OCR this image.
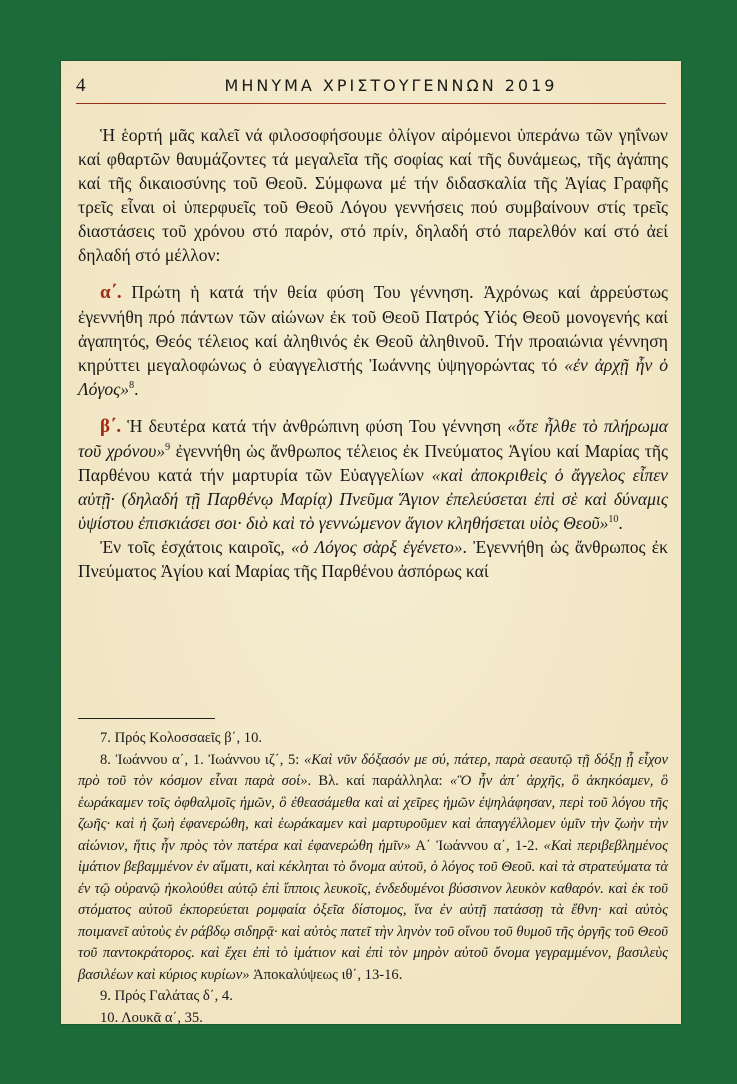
4	ΜΗΝΥΜΑ ΧΡΙΣΤΟΥΓΕΝΝΩΝ 2019

Ἡ ἑορτή μᾶς καλεῖ νά φιλοσοφήσουμε ὀλίγον αἰρόμενοι ὑπεράνω τῶν γηΐνων καί φθαρτῶν θαυμάζοντες τά μεγαλεῖα τῆς σοφίας καί τῆς δυνάμεως, τῆς ἀγάπης καί τῆς δικαιοσύνης τοῦ Θεοῦ. Σύμφωνα μέ τήν διδασκαλία τῆς Ἁγίας Γραφῆς τρεῖς εἶναι οἱ ὑπερφυεῖς τοῦ Θεοῦ Λόγου γεννήσεις πού συμβαίνουν στίς τρεῖς διαστάσεις τοῦ χρόνου στό παρόν, στό πρίν, δηλαδή στό παρελθόν καί στό ἀεί δηλαδή στό μέλλον:

α΄. Πρώτη ἡ κατά τήν θεία φύση Του γέννηση. Ἀχρόνως καί ἀρρεύστως ἐγεννήθη πρό πάντων τῶν αἰώνων ἐκ τοῦ Θεοῦ Πατρός Υἱός Θεοῦ μονογενής καί ἀγαπητός, Θεός τέλειος καί ἀληθινός ἐκ Θεοῦ ἀληθινοῦ. Τήν προαιώνια γέννηση κηρύττει μεγαλοφώνως ὁ εὐαγγελιστής Ἰωάννης ὑψηγορώντας τό «ἐν ἀρχῇ ἦν ὁ Λόγος»$^8$.

β΄. Ἡ δευτέρα κατά τήν ἀνθρώπινη φύση Του γέννηση «ὅτε ἦλθε τὸ πλήρωμα τοῦ χρόνου»$^9$ ἐγεννήθη ὡς ἄνθρωπος τέλειος ἐκ Πνεύματος Ἁγίου καί Μαρίας τῆς Παρθένου κατά τήν μαρτυρία τῶν Εὐαγγελίων «καὶ ἀποκριθεὶς ὁ ἄγγελος εἶπεν αὐτῇ· (δηλαδή τῇ Παρθένῳ Μαρίᾳ) Πνεῦμα Ἅγιον ἐπελεύσεται ἐπὶ σὲ καὶ δύναμις ὑψίστου ἐπισκιάσει σοι· διὸ καὶ τὸ γεννώμενον ἅγιον κληθήσεται υἱὸς Θεοῦ»$^{10}$.

Ἐν τοῖς ἐσχάτοις καιροῖς, «ὁ Λόγος σὰρξ ἐγένετο». Ἐγεννήθη ὡς ἄνθρωπος ἐκ Πνεύματος Ἁγίου καί Μαρίας τῆς Παρθένου ἀσπόρως καί

7. Πρός Κολοσσαεῖς β΄, 10.

8. Ἰωάννου α΄, 1. Ἰωάννου ιζ΄, 5: «Καὶ νῦν δόξασόν με σύ, πάτερ, παρὰ σεαυτῷ τῇ δόξῃ ᾗ εἶχον πρὸ τοῦ τὸν κόσμον εἶναι παρὰ σοί». Βλ. καί παράλληλα: «Ὃ ἦν ἀπ᾿ ἀρχῆς, ὃ ἀκηκόαμεν, ὃ ἑωράκαμεν τοῖς ὀφθαλμοῖς ἡμῶν, ὃ ἐθεασάμεθα καὶ αἱ χεῖρες ἡμῶν ἐψηλάφησαν, περὶ τοῦ λόγου τῆς ζωῆς· καὶ ἡ ζωὴ ἐφανερώθη, καὶ ἑωράκαμεν καὶ μαρτυροῦμεν καὶ ἀπαγγέλλομεν ὑμῖν τὴν ζωὴν τὴν αἰώνιον, ἥτις ἦν πρὸς τὸν πατέρα καὶ ἐφανερώθη ἡμῖν» Α΄ Ἰωάννου α΄, 1-2. «Καὶ περιβεβλημένος ἱμάτιον βεβαμμένον ἐν αἵματι, καὶ κέκληται τὸ ὄνομα αὐτοῦ, ὁ λόγος τοῦ Θεοῦ. καὶ τὰ στρατεύματα τὰ ἐν τῷ οὐρανῷ ἠκολούθει αὐτῷ ἐπὶ ἵπποις λευκοῖς, ἐνδεδυμένοι βύσσινον λευκὸν καθαρόν. καὶ ἐκ τοῦ στόματος αὐτοῦ ἐκπορεύεται ρομφαία ὀξεῖα δίστομος, ἵνα ἐν αὐτῇ πατάσσῃ τὰ ἔθνη· καὶ αὐτὸς ποιμανεῖ αὐτοὺς ἐν ράβδῳ σιδηρᾷ· καὶ αὐτὸς πατεῖ τὴν ληνὸν τοῦ οἴνου τοῦ θυμοῦ τῆς ὀργῆς τοῦ Θεοῦ τοῦ παντοκράτορος. καὶ ἔχει ἐπὶ τὸ ἱμάτιον καὶ ἐπὶ τὸν μηρὸν αὐτοῦ ὄνομα γεγραμμένον, βασιλεὺς βασιλέων καὶ κύριος κυρίων» Ἀποκαλύψεως ιθ΄, 13-16.

9. Πρός Γαλάτας δ΄, 4.

10. Λουκᾶ α΄, 35.
